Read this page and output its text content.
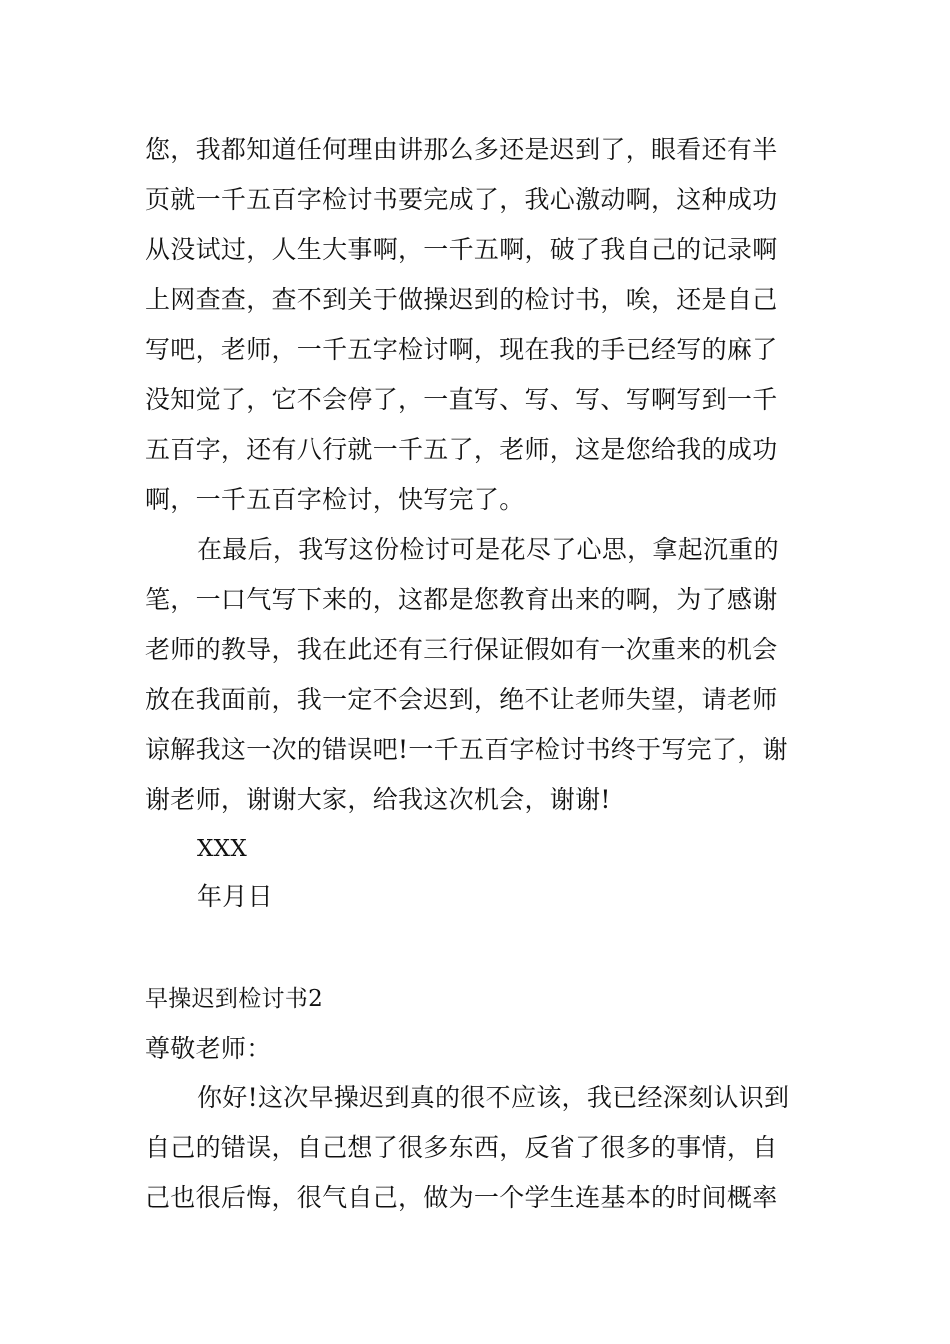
您，我都知道任何理由讲那么多还是迟到了，眼看还有半
页就一千五百字检讨书要完成了，我心激动啊，这种成功
从没试过，人生大事啊，一千五啊，破了我自己的记录啊
上网查查，查不到关于做操迟到的检讨书，唉，还是自己
写吧，老师，一千五字检讨啊，现在我的手已经写的麻了
没知觉了，它不会停了，一直写、写、写、写啊写到一千
五百字，还有八行就一千五了，老师，这是您给我的成功
啊，一千五百字检讨，快写完了。
在最后，我写这份检讨可是花尽了心思，拿起沉重的
笔，一口气写下来的，这都是您教育出来的啊，为了感谢
老师的教导，我在此还有三行保证假如有一次重来的机会
放在我面前，我一定不会迟到，绝不让老师失望，请老师
谅解我这一次的错误吧!一千五百字检讨书终于写完了，谢
谢老师，谢谢大家，给我这次机会，谢谢!
XXX
年月日
早操迟到检讨书2
尊敬老师：
你好!这次早操迟到真的很不应该，我已经深刻认识到
自己的错误，自己想了很多东西，反省了很多的事情，自
己也很后悔，很气自己，做为一个学生连基本的时间概率
